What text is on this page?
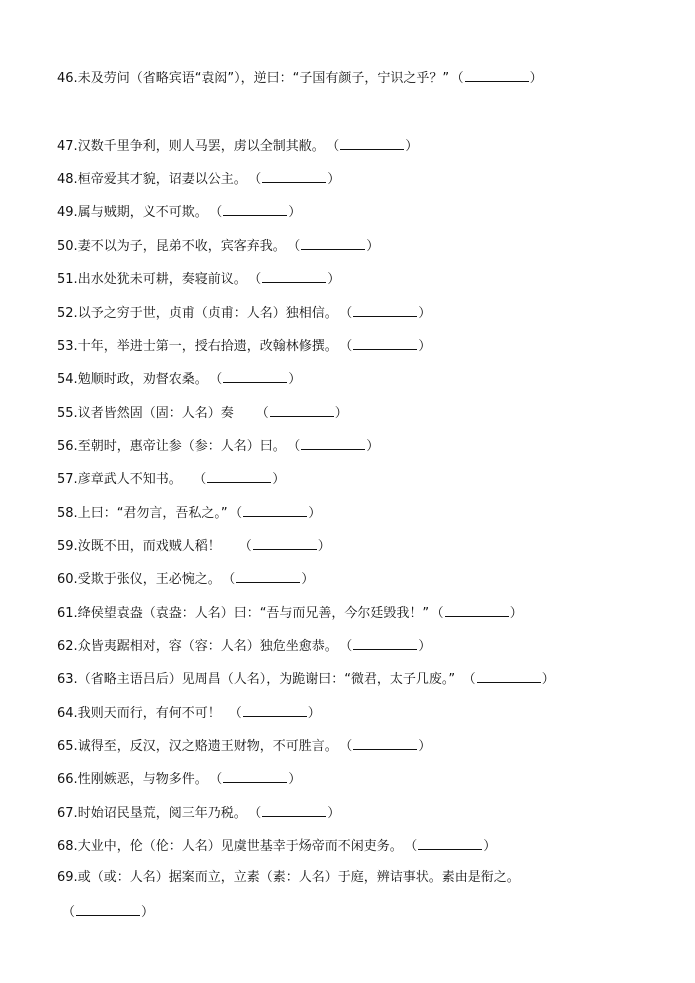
46.未及劳问（省略宾语“袁闳”），逆曰：“子国有颜子，宁识之乎？” （	）
47.汉数千里争利，则人马罢，虏以全制其敝。 （	）
48.桓帝爱其才貌，诏妻以公主。 （	）
49.属与贼期，义不可欺。 （	）
50.妻不以为子，昆弟不收，宾客弃我。 （	）
51.出水处犹未可耕，奏寝前议。 （	）
52.以予之穷于世，贞甫（贞甫：人名）独相信。 （	）
53.十年，举进士第一，授右拾遗，改翰林修撰。 （	）
54.勉顺时政，劝督农桑。 （	）
55.议者皆然固（固：人名）奏 （	）
56.至朝时，惠帝让参（参：人名）曰。 （	）
57.彦章武人不知书。 （	）
58.上曰：“君勿言，吾私之。” （	）
59.汝既不田，而戏贼人稻！ （	）
60.受欺于张仪，王必惋之。 （	）
61.绛侯望袁盎（袁盎：人名）曰：“吾与而兄善，今尔廷毁我！” （	）
62.众皆夷踞相对，容（容：人名）独危坐愈恭。 （	）
63.（省略主语吕后）见周昌（人名），为跪谢曰：“微君，太子几废。” （	）
64.我则天而行，有何不可！ （	）
65.诚得至，反汉，汉之赂遗王财物，不可胜言。 （	）
66.性刚嫉恶，与物多件。 （	）
67.时始诏民垦荒，阅三年乃税。 （	）
68.大业中，伦（伦：人名）见虞世基幸于炀帝而不闲吏务。 （	）
69.或（或：人名）据案而立，立素（素：人名）于庭，辨诘事状。素由是衔之。
（	）
